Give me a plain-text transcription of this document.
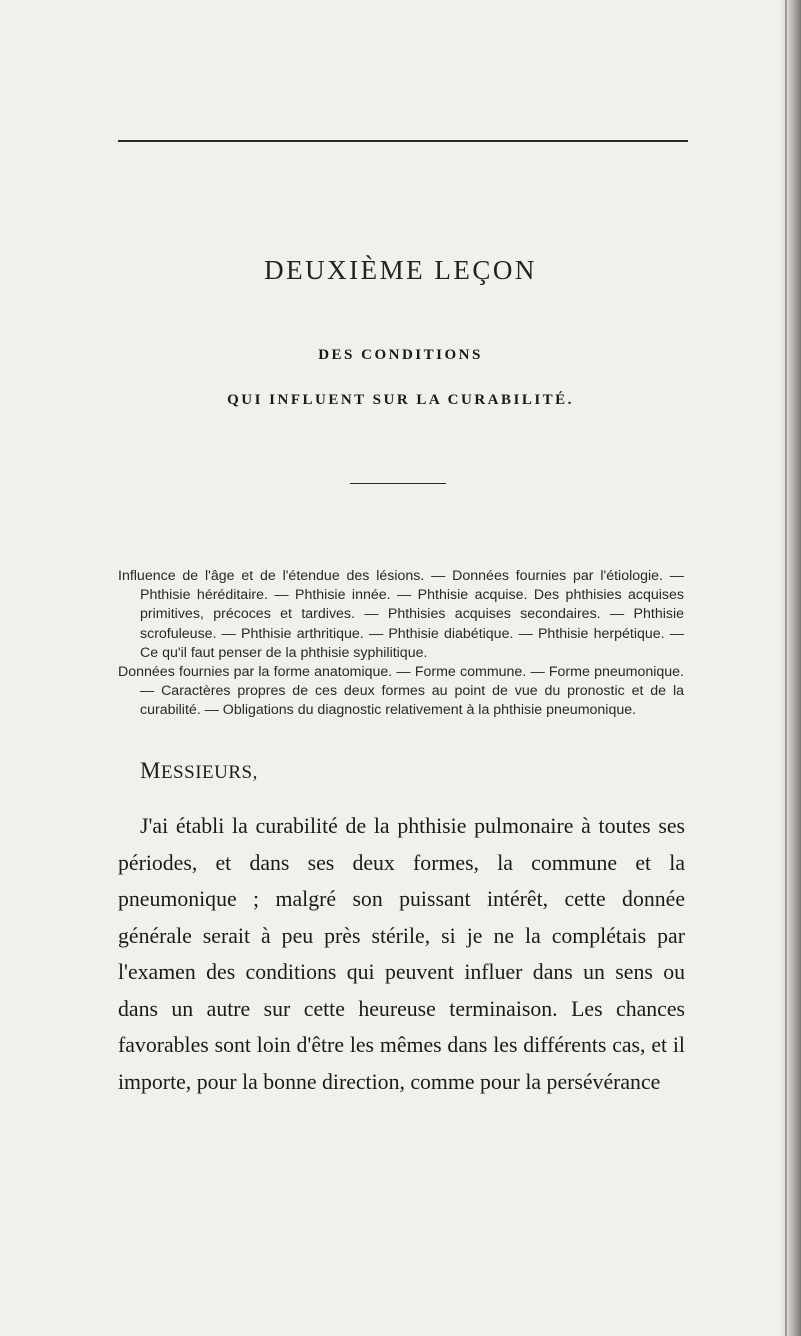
DEUXIÈME LEÇON
DES CONDITIONS
QUI INFLUENT SUR LA CURABILITÉ.

Influence de l'âge et de l'étendue des lésions. — Données fournies par l'étiologie. — Phthisie héréditaire. — Phthisie innée. — Phthisie acquise. Des phthisies acquises primitives, précoces et tardives. — Phthisies acquises secondaires. — Phthisie scrofuleuse. — Phthisie arthritique. — Phthisie diabétique. — Phthisie herpétique. — Ce qu'il faut penser de la phthisie syphilitique.

Données fournies par la forme anatomique. — Forme commune. — Forme pneumonique. — Caractères propres de ces deux formes au point de vue du pronostic et de la curabilité. — Obligations du diagnostic relativement à la phthisie pneumonique.

MESSIEURS,

J'ai établi la curabilité de la phthisie pulmonaire à toutes ses périodes, et dans ses deux formes, la commune et la pneumonique ; malgré son puissant intérêt, cette donnée générale serait à peu près stérile, si je ne la complétais par l'examen des conditions qui peuvent influer dans un sens ou dans un autre sur cette heureuse terminaison. Les chances favorables sont loin d'être les mêmes dans les différents cas, et il importe, pour la bonne direction, comme pour la persévérance
